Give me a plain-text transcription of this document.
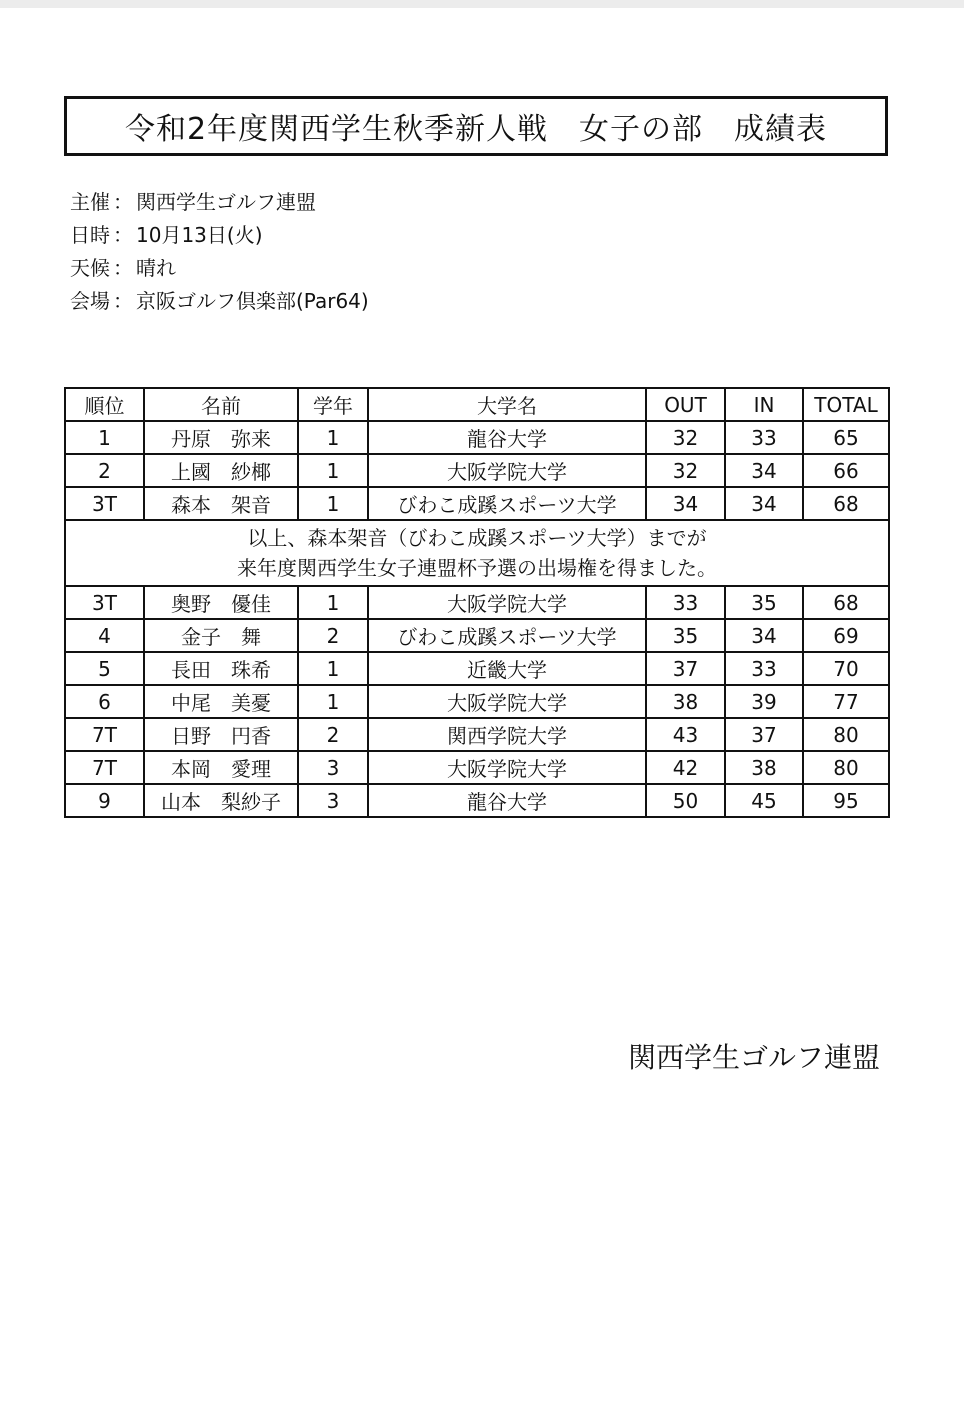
令和2年度関西学生秋季新人戦　女子の部　成績表
主催 ： 関西学生ゴルフ連盟
日時 ： 10月13日(火)
天候 ： 晴れ
会場 ： 京阪ゴルフ倶楽部(Par64)
順位	名前	学年	大学名	OUT	IN	TOTAL
1	丹原　弥来	1	龍谷大学	32	33	65
2	上國　紗椰	1	大阪学院大学	32	34	66
3T	森本　架音	1	びわこ成蹊スポーツ大学	34	34	68

以上、森本架音（びわこ成蹊スポーツ大学）までが
来年度関西学生女子連盟杯予選の出場権を得ました。						

3T	奥野　優佳	1	大阪学院大学	33	35	68
4	金子　舞	2	びわこ成蹊スポーツ大学	35	34	69
5	長田　珠希	1	近畿大学	37	33	70
6	中尾　美憂	1	大阪学院大学	38	39	77
7T	日野　円香	2	関西学院大学	43	37	80
7T	本岡　愛理	3	大阪学院大学	42	38	80
9	山本　梨紗子	3	龍谷大学	50	45	95
関西学生ゴルフ連盟
